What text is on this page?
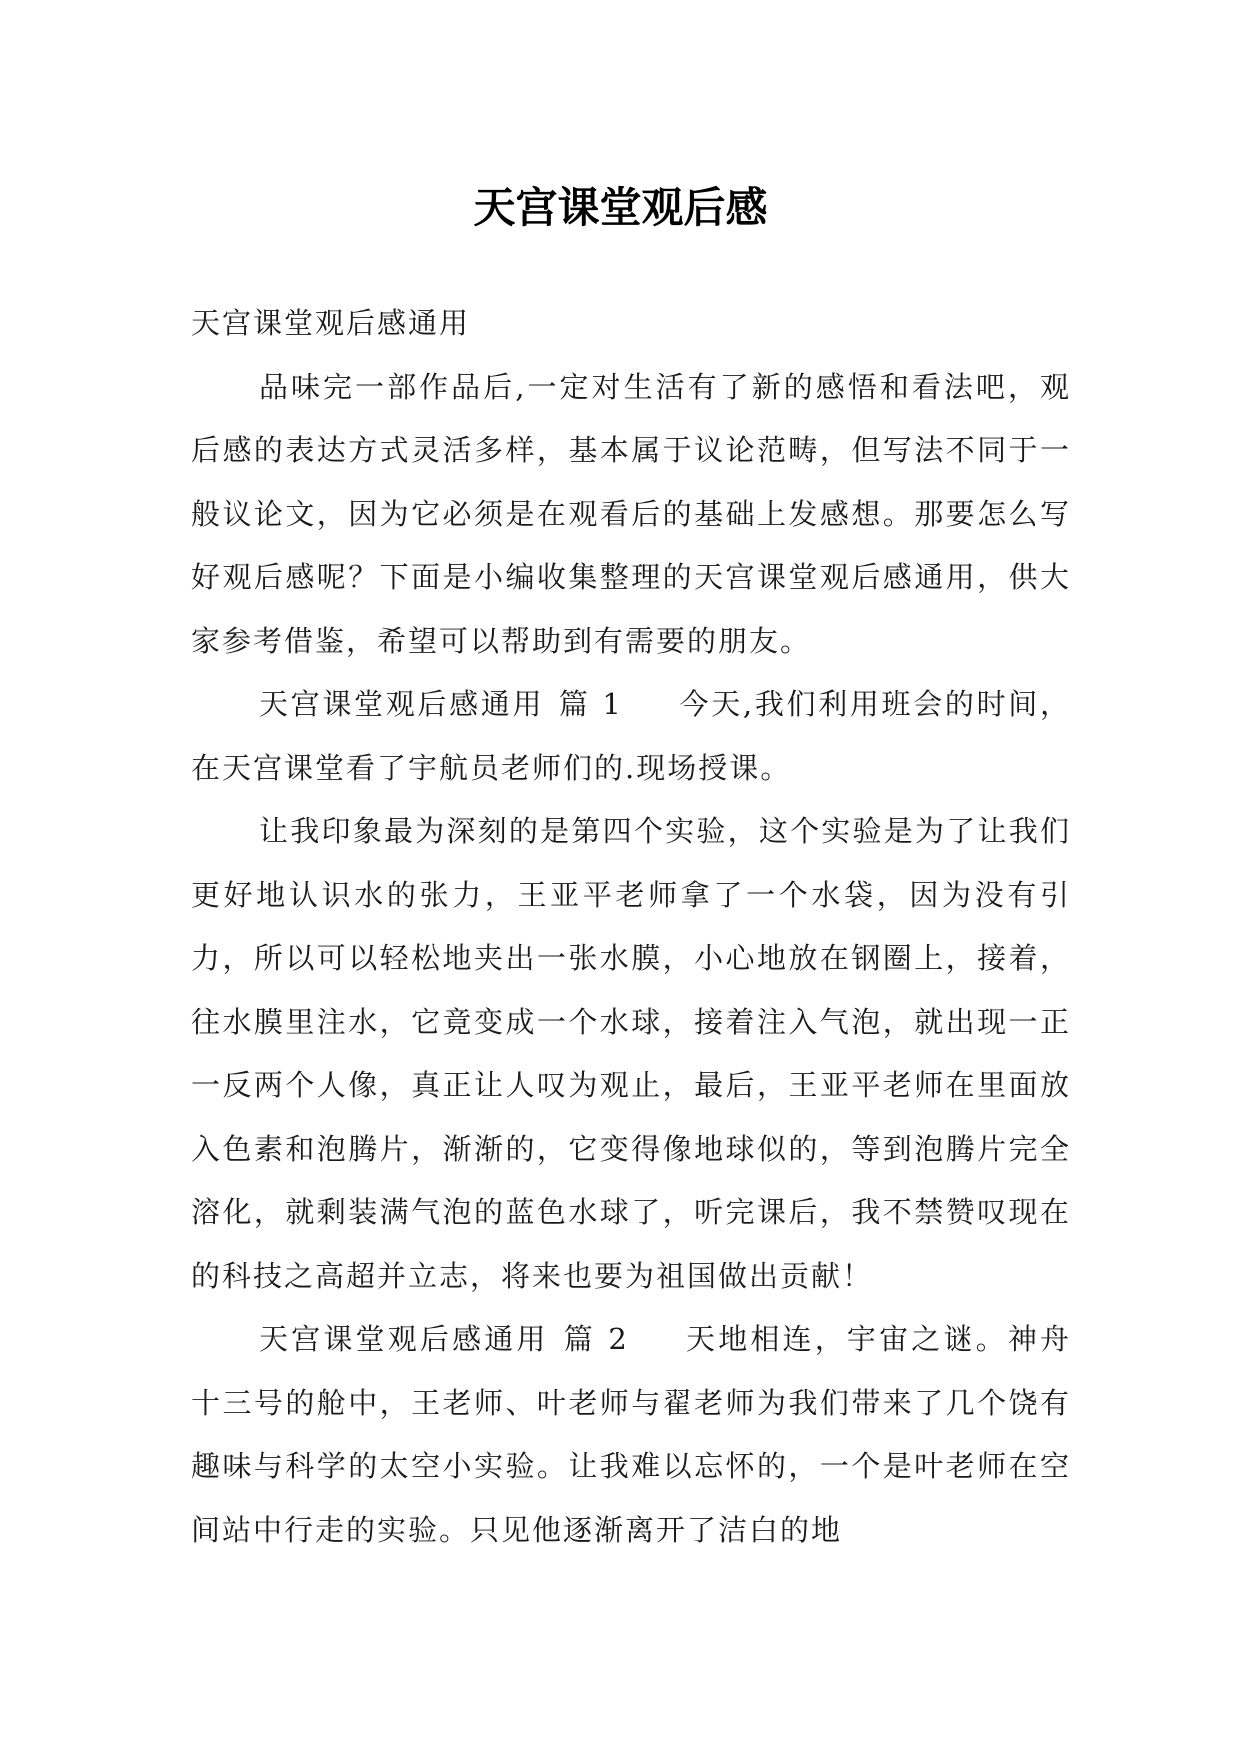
天宫课堂观后感

天宫课堂观后感通用

品味完一部作品后,一定对生活有了新的感悟和看法吧，观后感的表达方式灵活多样，基本属于议论范畴，但写法不同于一般议论文，因为它必须是在观看后的基础上发感想。那要怎么写好观后感呢？下面是小编收集整理的天宫课堂观后感通用，供大家参考借鉴，希望可以帮助到有需要的朋友。

天宫课堂观后感通用 篇 1 今天,我们利用班会的时间，在天宫课堂看了宇航员老师们的.现场授课。

让我印象最为深刻的是第四个实验，这个实验是为了让我们更好地认识水的张力，王亚平老师拿了一个水袋，因为没有引力，所以可以轻松地夹出一张水膜，小心地放在钢圈上，接着，往水膜里注水，它竟变成一个水球，接着注入气泡，就出现一正一反两个人像，真正让人叹为观止，最后，王亚平老师在里面放入色素和泡腾片，渐渐的，它变得像地球似的，等到泡腾片完全溶化，就剩装满气泡的蓝色水球了，听完课后，我不禁赞叹现在的科技之高超并立志，将来也要为祖国做出贡献！

天宫课堂观后感通用 篇 2 天地相连，宇宙之谜。神舟十三号的舱中，王老师、叶老师与翟老师为我们带来了几个饶有趣味与科学的太空小实验。让我难以忘怀的，一个是叶老师在空间站中行走的实验。只见他逐渐离开了洁白的地
